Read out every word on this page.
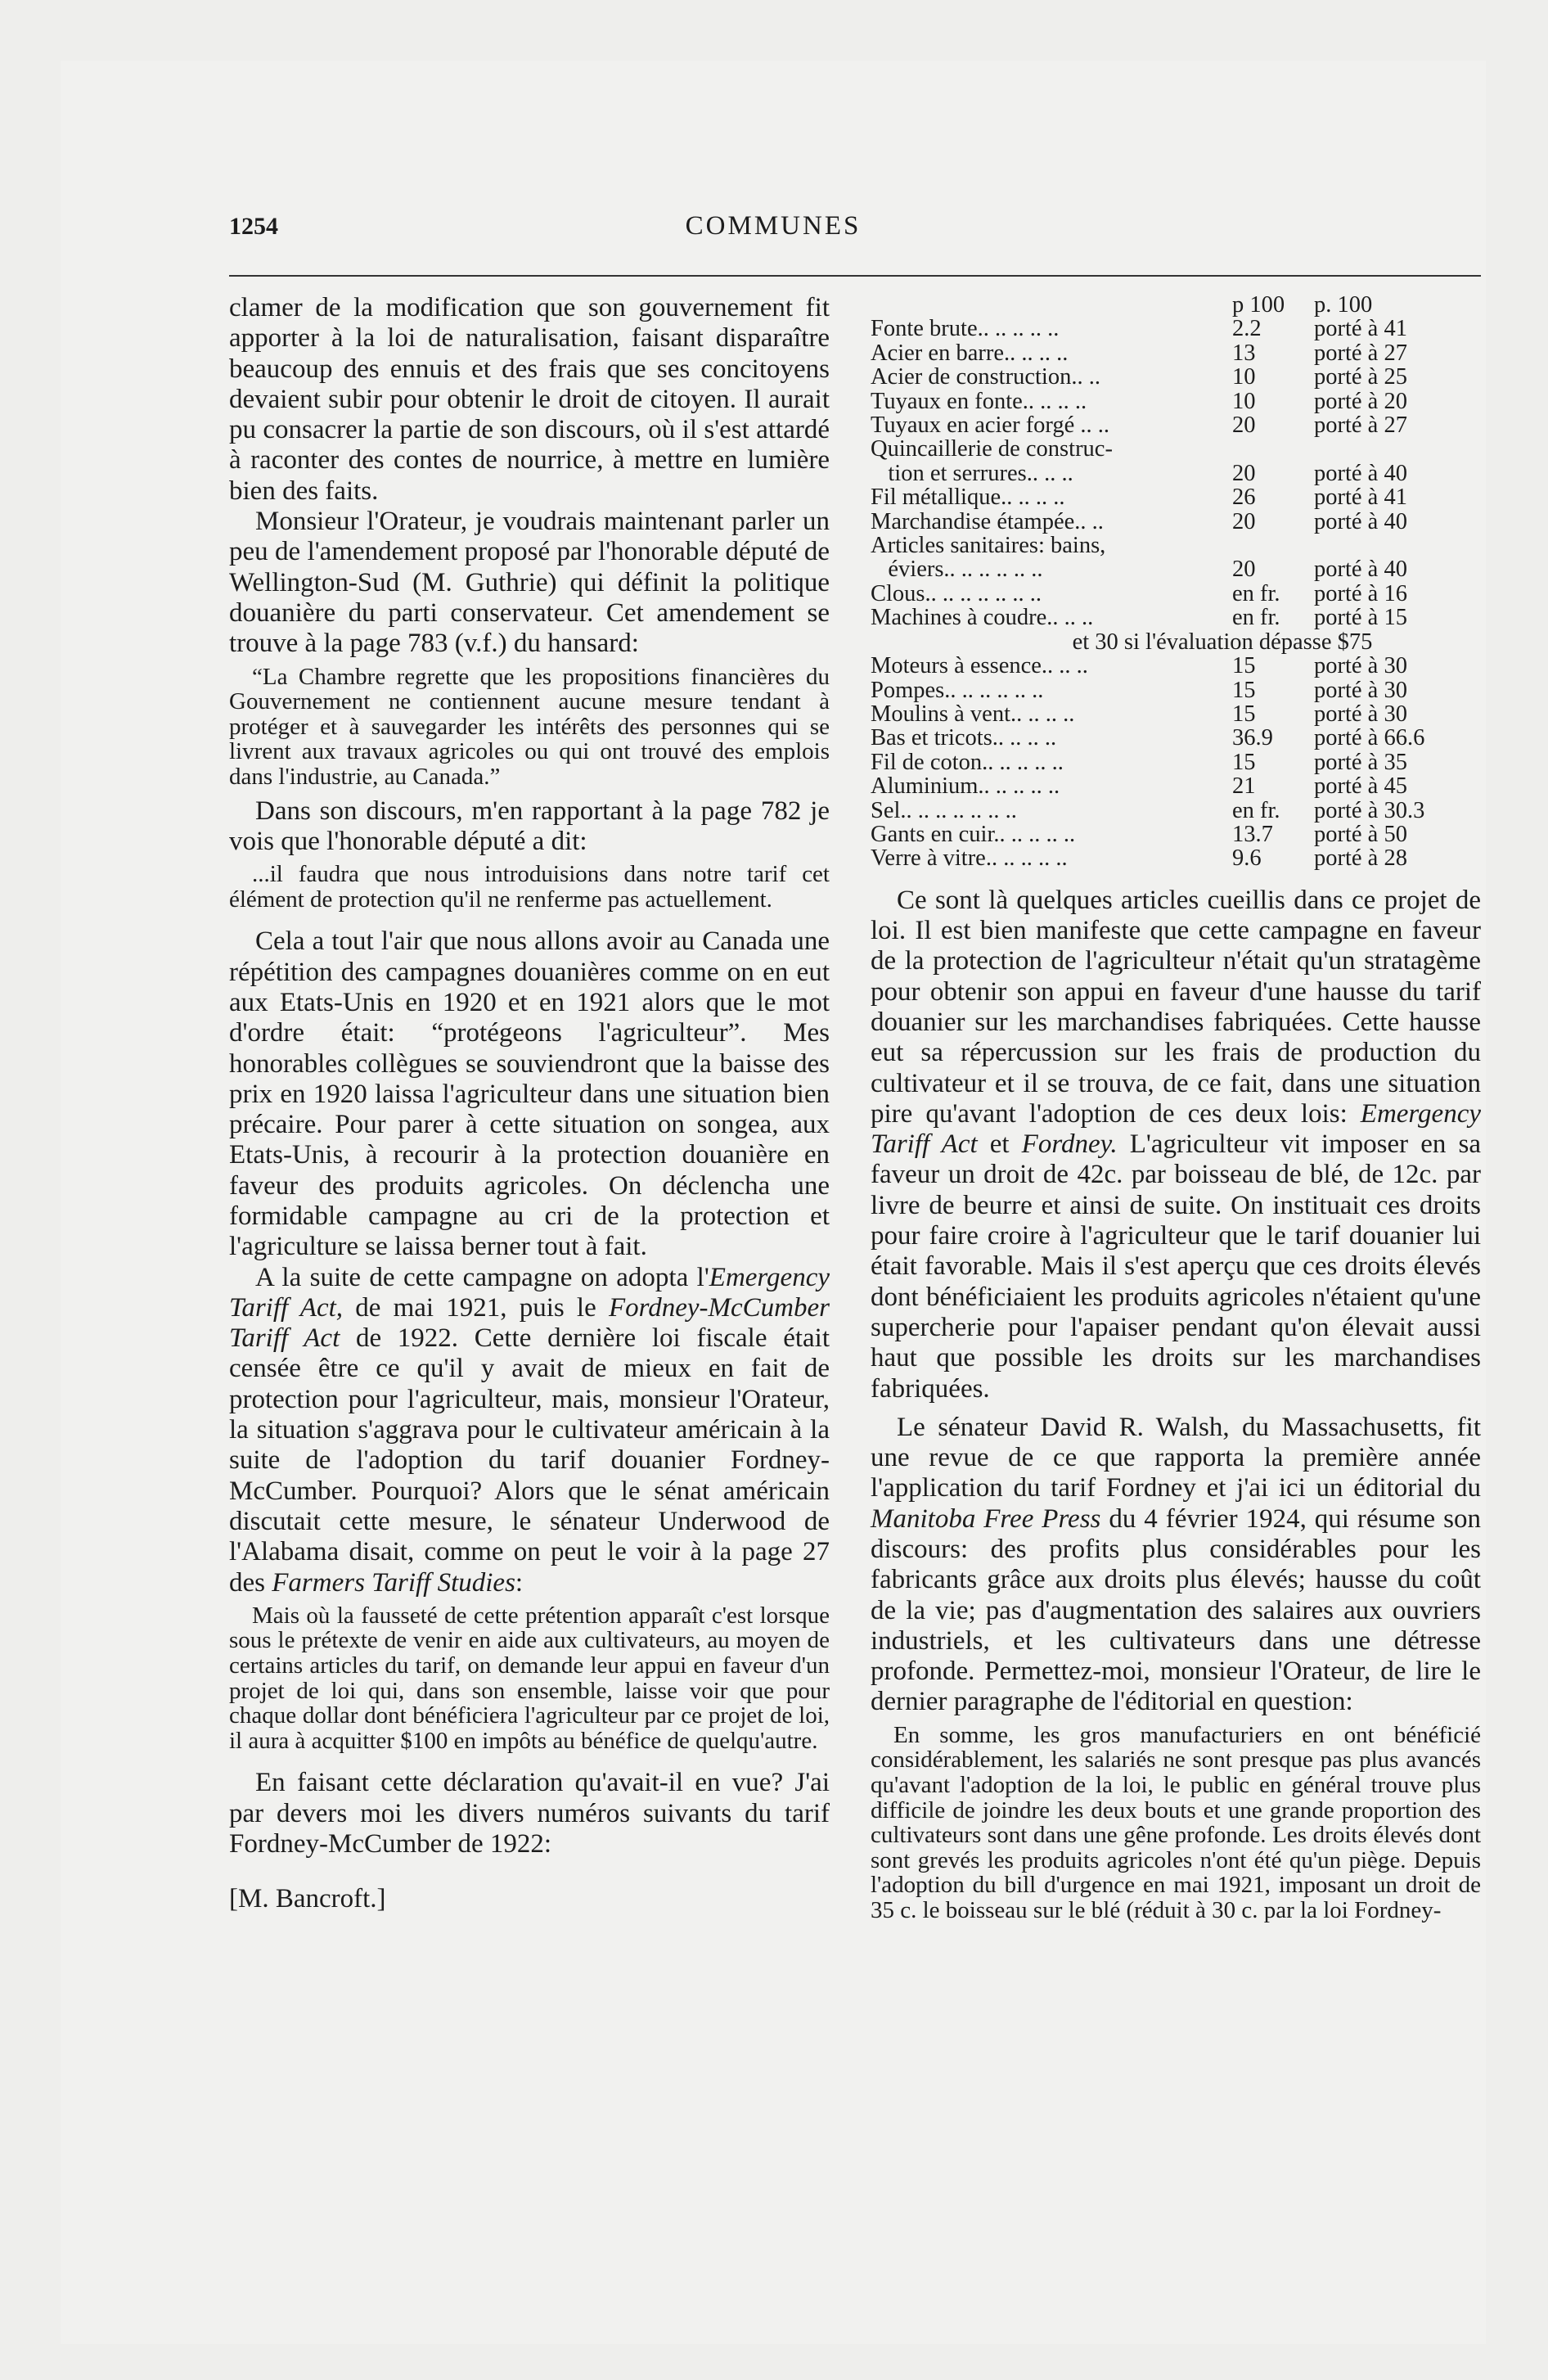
1254	COMMUNES

clamer de la modification que son gouvernement fit apporter à la loi de naturalisation, faisant disparaître beaucoup des ennuis et des frais que ses concitoyens devaient subir pour obtenir le droit de citoyen. Il aurait pu consacrer la partie de son discours, où il s'est attardé à raconter des contes de nourrice, à mettre en lumière bien des faits.

Monsieur l'Orateur, je voudrais maintenant parler un peu de l'amendement proposé par l'honorable député de Wellington-Sud (M. Guthrie) qui définit la politique douanière du parti conservateur. Cet amendement se trouve à la page 783 (v.f.) du hansard:

“La Chambre regrette que les propositions financières du Gouvernement ne contiennent aucune mesure tendant à protéger et à sauvegarder les intérêts des personnes qui se livrent aux travaux agricoles ou qui ont trouvé des emplois dans l'industrie, au Canada.”

Dans son discours, m'en rapportant à la page 782 je vois que l'honorable député a dit:

...il faudra que nous introduisions dans notre tarif cet élément de protection qu'il ne renferme pas actuellement.

Cela a tout l'air que nous allons avoir au Canada une répétition des campagnes douanières comme on en eut aux Etats-Unis en 1920 et en 1921 alors que le mot d'ordre était: “protégeons l'agriculteur”. Mes honorables collègues se souviendront que la baisse des prix en 1920 laissa l'agriculteur dans une situation bien précaire. Pour parer à cette situation on songea, aux Etats-Unis, à recourir à la protection douanière en faveur des produits agricoles. On déclencha une formidable campagne au cri de la protection et l'agriculture se laissa berner tout à fait.

A la suite de cette campagne on adopta l'Emergency Tariff Act, de mai 1921, puis le Fordney-McCumber Tariff Act de 1922. Cette dernière loi fiscale était censée être ce qu'il y avait de mieux en fait de protection pour l'agriculteur, mais, monsieur l'Orateur, la situation s'aggrava pour le cultivateur américain à la suite de l'adoption du tarif douanier Fordney-McCumber. Pourquoi? Alors que le sénat américain discutait cette mesure, le sénateur Underwood de l'Alabama disait, comme on peut le voir à la page 27 des Farmers Tariff Studies:

Mais où la fausseté de cette prétention apparaît c'est lorsque sous le prétexte de venir en aide aux cultivateurs, au moyen de certains articles du tarif, on demande leur appui en faveur d'un projet de loi qui, dans son ensemble, laisse voir que pour chaque dollar dont bénéficiera l'agriculteur par ce projet de loi, il aura à acquitter $100 en impôts au bénéfice de quelqu'autre.

En faisant cette déclaration qu'avait-il en vue? J'ai par devers moi les divers numéros suivants du tarif Fordney-McCumber de 1922:

[M. Bancroft.]

	p 100	p. 100
Fonte brute.. .. .. .. ..	2.2	porté à 41
Acier en barre.. .. .. ..	13	porté à 27
Acier de construction.. ..	10	porté à 25
Tuyaux en fonte.. .. .. ..	10	porté à 20
Tuyaux en acier forgé .. ..	20	porté à 27
Quincaillerie de construc-		
tion et serrures.. .. ..	20	porté à 40
Fil métallique.. .. .. ..	26	porté à 41
Marchandise étampée.. ..	20	porté à 40
Articles sanitaires: bains,		
éviers.. .. .. .. .. ..	20	porté à 40
Clous.. .. .. .. .. .. ..	en fr.	porté à 16
Machines à coudre.. .. ..	en fr.	porté à 15
et 30 si l'évaluation dépasse $75		
Moteurs à essence.. .. ..	15	porté à 30
Pompes.. .. .. .. .. ..	15	porté à 30
Moulins à vent.. .. .. ..	15	porté à 30
Bas et tricots.. .. .. ..	36.9	porté à 66.6
Fil de coton.. .. .. .. ..	15	porté à 35
Aluminium.. .. .. .. ..	21	porté à 45
Sel.. .. .. .. .. .. ..	en fr.	porté à 30.3
Gants en cuir.. .. .. .. ..	13.7	porté à 50
Verre à vitre.. .. .. .. ..	9.6	porté à 28

Ce sont là quelques articles cueillis dans ce projet de loi. Il est bien manifeste que cette campagne en faveur de la protection de l'agriculteur n'était qu'un stratagème pour obtenir son appui en faveur d'une hausse du tarif douanier sur les marchandises fabriquées. Cette hausse eut sa répercussion sur les frais de production du cultivateur et il se trouva, de ce fait, dans une situation pire qu'avant l'adoption de ces deux lois: Emergency Tariff Act et Fordney. L'agriculteur vit imposer en sa faveur un droit de 42c. par boisseau de blé, de 12c. par livre de beurre et ainsi de suite. On instituait ces droits pour faire croire à l'agriculteur que le tarif douanier lui était favorable. Mais il s'est aperçu que ces droits élevés dont bénéficiaient les produits agricoles n'étaient qu'une supercherie pour l'apaiser pendant qu'on élevait aussi haut que possible les droits sur les marchandises fabriquées.

Le sénateur David R. Walsh, du Massachusetts, fit une revue de ce que rapporta la première année l'application du tarif Fordney et j'ai ici un éditorial du Manitoba Free Press du 4 février 1924, qui résume son discours: des profits plus considérables pour les fabricants grâce aux droits plus élevés; hausse du coût de la vie; pas d'augmentation des salaires aux ouvriers industriels, et les cultivateurs dans une détresse profonde. Permettez-moi, monsieur l'Orateur, de lire le dernier paragraphe de l'éditorial en question:

En somme, les gros manufacturiers en ont bénéficié considérablement, les salariés ne sont presque pas plus avancés qu'avant l'adoption de la loi, le public en général trouve plus difficile de joindre les deux bouts et une grande proportion des cultivateurs sont dans une gêne profonde. Les droits élevés dont sont grevés les produits agricoles n'ont été qu'un piège. Depuis l'adoption du bill d'urgence en mai 1921, imposant un droit de 35 c. le boisseau sur le blé (réduit à 30 c. par la loi Fordney-
